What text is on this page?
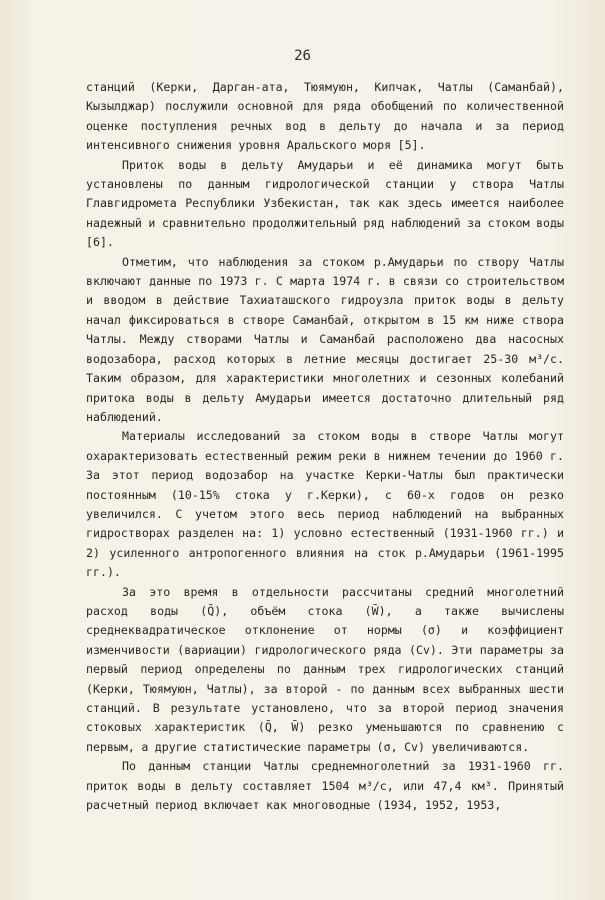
26

станций (Керки, Дарган-ата, Тюямуюн, Кипчак, Чатлы (Саманбай), Кызылджар) послужили основной для ряда обобщений по количественной оценке поступления речных вод в дельту до начала и за период интенсивного снижения уровня Аральского моря [5].

Приток воды в дельту Амударьи и её динамика могут быть установлены по данным гидрологической станции у створа Чатлы Главгидромета Республики Узбекистан, так как здесь имеется наиболее надежный и сравнительно продолжительный ряд наблюдений за стоком воды [6].

Отметим, что наблюдения за стоком р.Амударьи по створу Чатлы включают данные по 1973 г. С марта 1974 г. в связи со строительством и вводом в действие Тахиаташского гидроузла приток воды в дельту начал фиксироваться в створе Саманбай, открытом в 15 км ниже створа Чатлы. Между створами Чатлы и Саманбай расположено два насосных водозабора, расход которых в летние месяцы достигает 25-30 м³/с. Таким образом, для характеристики многолетних и сезонных колебаний притока воды в дельту Амударьи имеется достаточно длительный ряд наблюдений.

Материалы исследований за стоком воды в створе Чатлы могут охарактеризовать естественный режим реки в нижнем течении до 1960 г. За этот период водозабор на участке Керки-Чатлы был практически постоянным (10-15% стока у г.Керки), с 60-х годов он резко увеличился. С учетом этого весь период наблюдений на выбранных гидростворах разделен на: 1) условно естественный (1931-1960 гг.) и 2) усиленного антропогенного влияния на сток р.Амударьи (1961-1995 гг.).

За это время в отдельности рассчитаны средний многолетний расход воды (Q̄), объём стока (W̄), а также вычислены среднеквадратическое отклонение от нормы (σ) и коэффициент изменчивости (вариации) гидрологического ряда (Cv). Эти параметры за первый период определены по данным трех гидрологических станций (Керки, Тюямуюн, Чатлы), за второй - по данным всех выбранных шести станций. В результате установлено, что за второй период значения стоковых характеристик (Q̄, W̄) резко уменьшаются по сравнению с первым, а другие статистические параметры (σ, Cv) увеличиваются.

По данным станции Чатлы среднемноголетний за 1931-1960 гг. приток воды в дельту составляет 1504 м³/с, или 47,4 км³. Принятый расчетный период включает как многоводные (1934, 1952, 1953,
